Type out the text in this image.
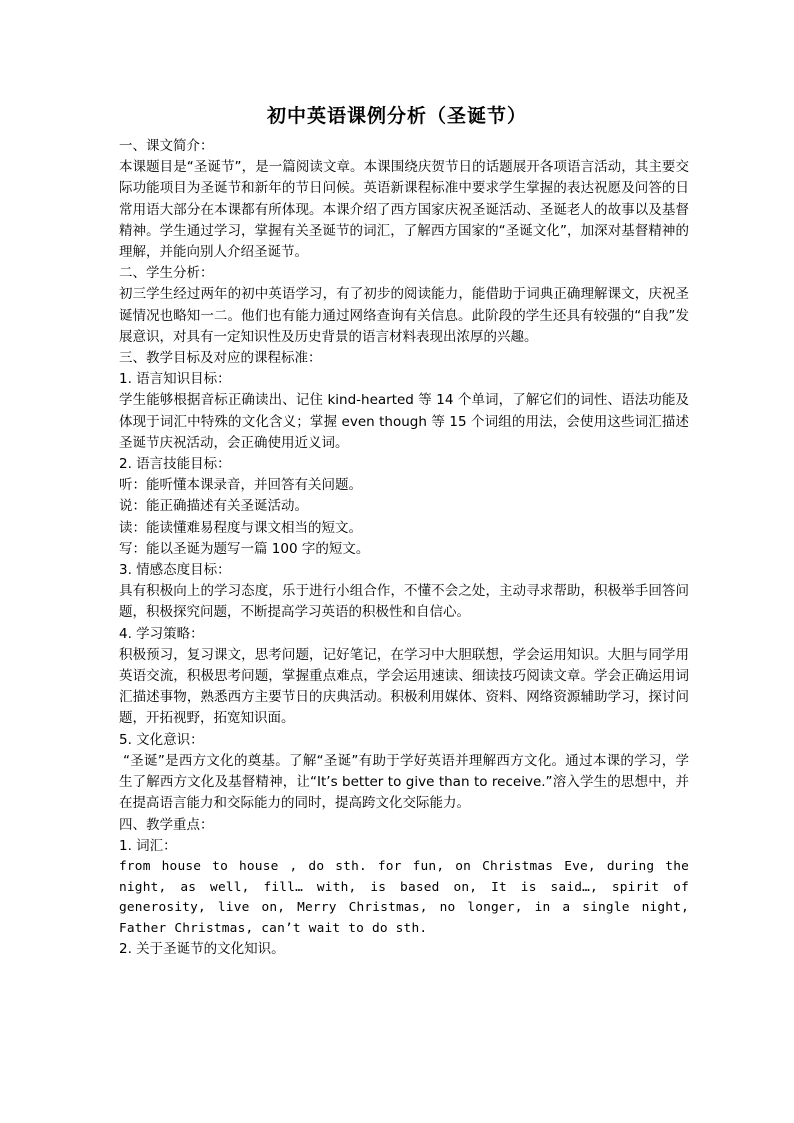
初中英语课例分析（圣诞节）

一、课文简介：

本课题目是“圣诞节”，是一篇阅读文章。本课围绕庆贺节日的话题展开各项语言活动，其主要交际功能项目为圣诞节和新年的节日问候。英语新课程标准中要求学生掌握的表达祝愿及问答的日常用语大部分在本课都有所体现。本课介绍了西方国家庆祝圣诞活动、圣诞老人的故事以及基督精神。学生通过学习，掌握有关圣诞节的词汇，了解西方国家的“圣诞文化”，加深对基督精神的理解，并能向别人介绍圣诞节。

二、学生分析：

初三学生经过两年的初中英语学习，有了初步的阅读能力，能借助于词典正确理解课文，庆祝圣诞情况也略知一二。他们也有能力通过网络查询有关信息。此阶段的学生还具有较强的“自我”发展意识，对具有一定知识性及历史背景的语言材料表现出浓厚的兴趣。

三、教学目标及对应的课程标准：

1. 语言知识目标：

学生能够根据音标正确读出、记住 kind-hearted 等 14 个单词，了解它们的词性、语法功能及体现于词汇中特殊的文化含义；掌握 even though 等 15 个词组的用法，会使用这些词汇描述圣诞节庆祝活动，会正确使用近义词。

2. 语言技能目标：

听：能听懂本课录音，并回答有关问题。

说：能正确描述有关圣诞活动。

读：能读懂难易程度与课文相当的短文。

写：能以圣诞为题写一篇 100 字的短文。

3. 情感态度目标：

具有积极向上的学习态度，乐于进行小组合作，不懂不会之处，主动寻求帮助，积极举手回答问题，积极探究问题，不断提高学习英语的积极性和自信心。

4. 学习策略：

积极预习，复习课文，思考问题，记好笔记，在学习中大胆联想，学会运用知识。大胆与同学用英语交流，积极思考问题，掌握重点难点，学会运用速读、细读技巧阅读文章。学会正确运用词汇描述事物，熟悉西方主要节日的庆典活动。积极利用媒体、资料、网络资源辅助学习，探讨问题，开拓视野，拓宽知识面。

5. 文化意识：

“圣诞”是西方文化的奠基。了解“圣诞”有助于学好英语并理解西方文化。通过本课的学习，学生了解西方文化及基督精神，让“It’s better to give than to receive.”溶入学生的思想中，并在提高语言能力和交际能力的同时，提高跨文化交际能力。

四、教学重点：

1. 词汇：

from house to house , do sth. for fun, on Christmas Eve, during the night, as well, fill… with, is based on, It is said…, spirit of generosity, live on, Merry Christmas, no longer, in a single night, Father Christmas, can’t wait to do sth.

2. 关于圣诞节的文化知识。
